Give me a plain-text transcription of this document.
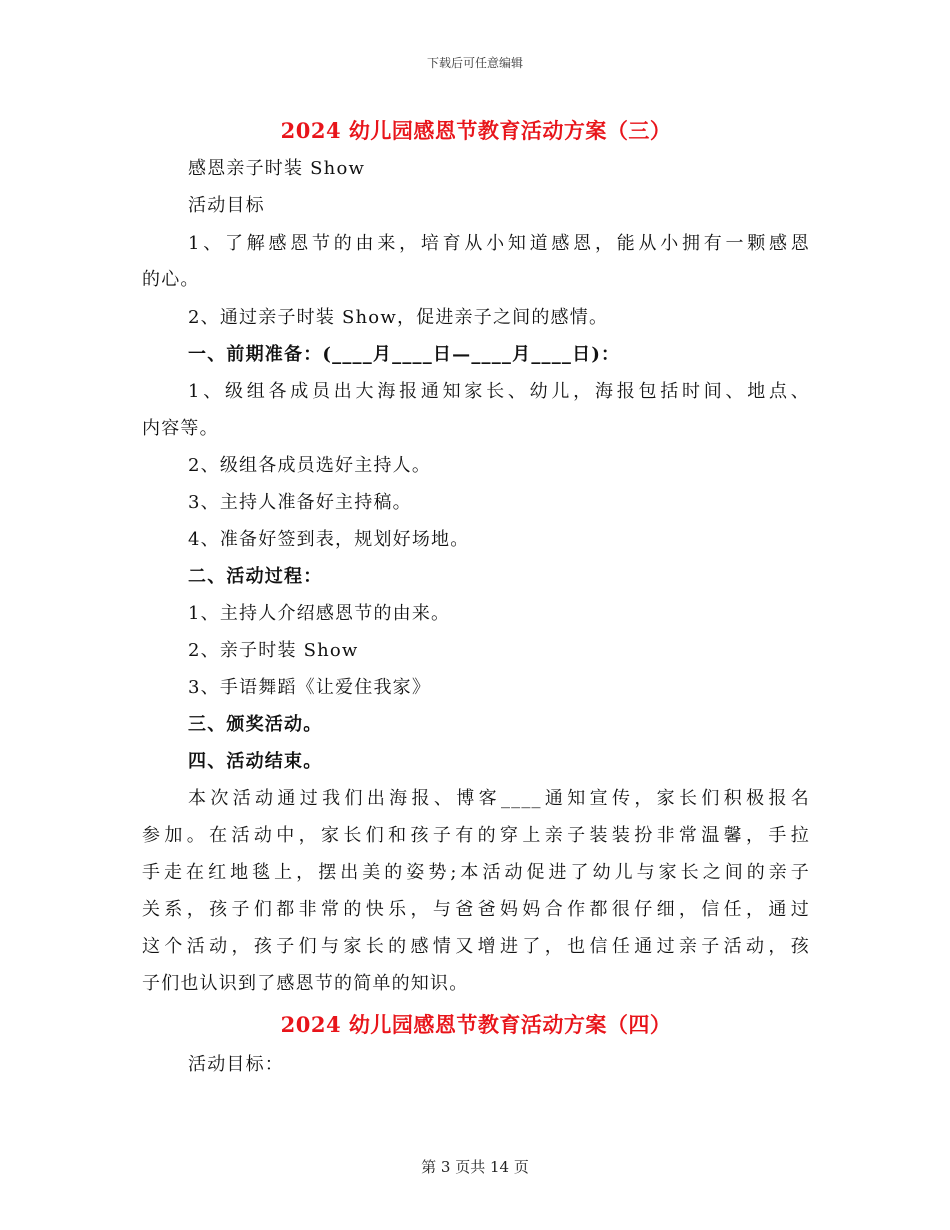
下载后可任意编辑
2024 幼儿园感恩节教育活动方案（三）
感恩亲子时装 Show
活动目标
1、了解感恩节的由来，培育从小知道感恩，能从小拥有一颗感恩
的心。
2、通过亲子时装 Show，促进亲子之间的感情。
一、前期准备：(____月____日—____月____日)：
1、级组各成员出大海报通知家长、幼儿，海报包括时间、地点、
内容等。
2、级组各成员选好主持人。
3、主持人准备好主持稿。
4、准备好签到表，规划好场地。
二、活动过程：
1、主持人介绍感恩节的由来。
2、亲子时装 Show
3、手语舞蹈《让爱住我家》
三、颁奖活动。
四、活动结束。
本次活动通过我们出海报、博客____通知宣传，家长们积极报名
参加。在活动中，家长们和孩子有的穿上亲子装装扮非常温馨，手拉
手走在红地毯上，摆出美的姿势;本活动促进了幼儿与家长之间的亲子
关系，孩子们都非常的快乐，与爸爸妈妈合作都很仔细，信任，通过
这个活动，孩子们与家长的感情又增进了，也信任通过亲子活动，孩
子们也认识到了感恩节的简单的知识。
2024 幼儿园感恩节教育活动方案（四）
活动目标：
第 3 页共 14 页
